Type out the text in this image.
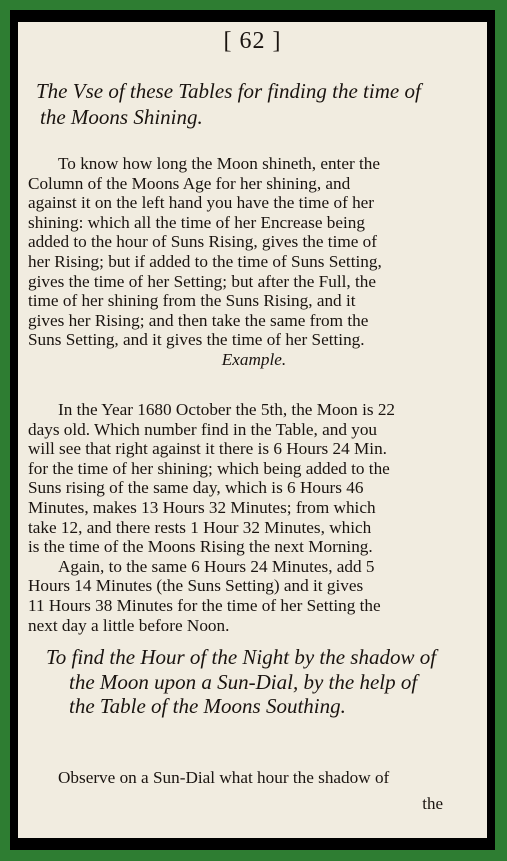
[ 62 ]
The Vse of these Tables for finding the time of
the Moons Shining.
To know how long the Moon shineth, enter the
Column of the Moons Age for her shining, and
against it on the left hand you have the time of her
shining: which all the time of her Encrease being
added to the hour of Suns Rising, gives the time of
her Rising; but if added to the time of Suns Setting,
gives the time of her Setting; but after the Full, the
time of her shining from the Suns Rising, and it
gives her Rising; and then take the same from the
Suns Setting, and it gives the time of her Setting.
Example.
In the Year 1680 October the 5th, the Moon is 22
days old. Which number find in the Table, and you
will see that right against it there is 6 Hours 24 Min.
for the time of her shining; which being added to the
Suns rising of the same day, which is 6 Hours 46
Minutes, makes 13 Hours 32 Minutes; from which
take 12, and there rests 1 Hour 32 Minutes, which
is the time of the Moons Rising the next Morning.
Again, to the same 6 Hours 24 Minutes, add 5
Hours 14 Minutes (the Suns Setting) and it gives
11 Hours 38 Minutes for the time of her Setting the
next day a little before Noon.
To find the Hour of the Night by the shadow of
the Moon upon a Sun-Dial, by the help of
the Table of the Moons Southing.
Observe on a Sun-Dial what hour the shadow of
the
